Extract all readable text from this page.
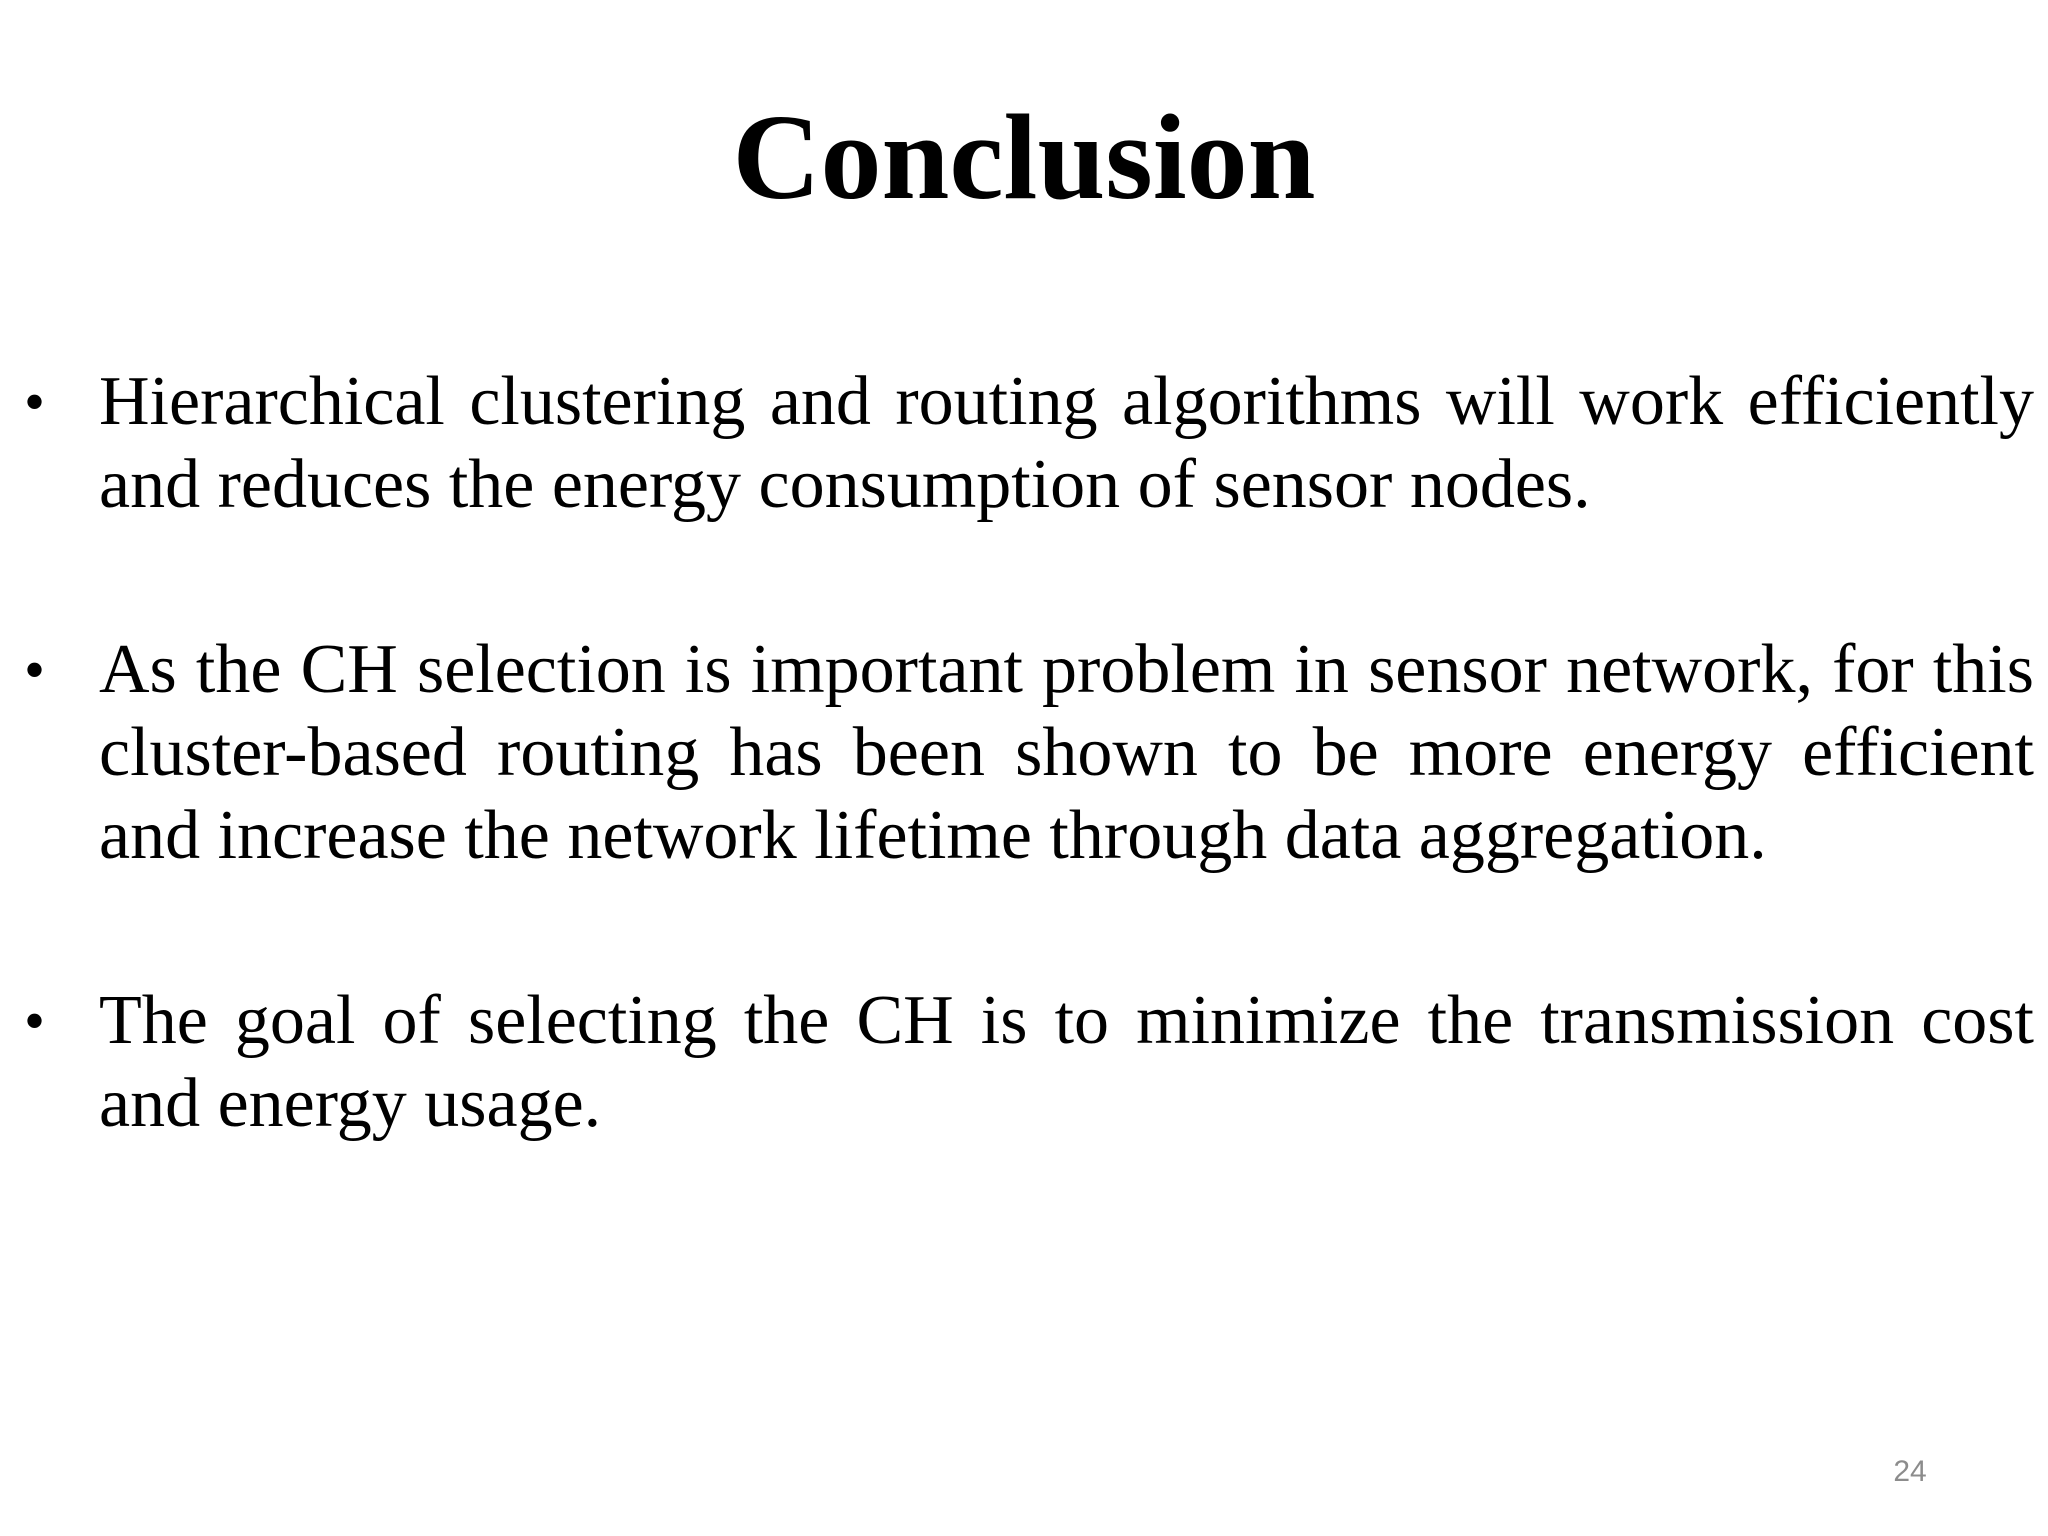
Conclusion
• Hierarchical clustering and routing algorithms will work efficiently and reduces the energy consumption of sensor nodes.
• As the CH selection is important problem in sensor network, for this cluster-based routing has been shown to be more energy efficient and increase the network lifetime through data aggregation.
• The goal of selecting the CH is to minimize the transmission cost and energy usage.
24
